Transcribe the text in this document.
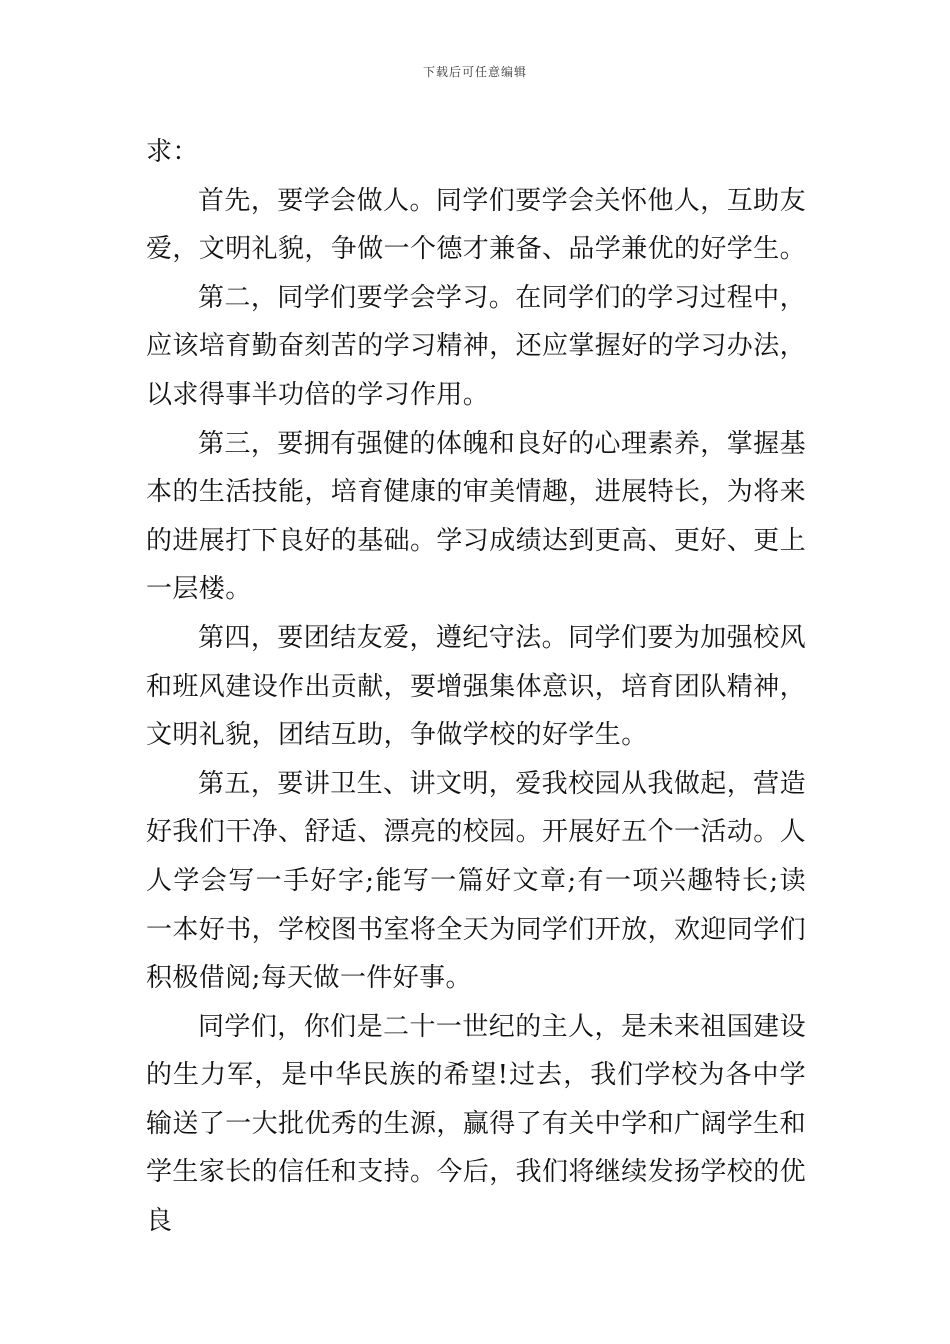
下载后可任意编辑

求：

首先，要学会做人。同学们要学会关怀他人，互助友爱，文明礼貌，争做一个德才兼备、品学兼优的好学生。

第二，同学们要学会学习。在同学们的学习过程中，应该培育勤奋刻苦的学习精神，还应掌握好的学习办法，以求得事半功倍的学习作用。

第三，要拥有强健的体魄和良好的心理素养，掌握基本的生活技能，培育健康的审美情趣，进展特长，为将来的进展打下良好的基础。学习成绩达到更高、更好、更上一层楼。

第四，要团结友爱，遵纪守法。同学们要为加强校风和班风建设作出贡献，要增强集体意识，培育团队精神，文明礼貌，团结互助，争做学校的好学生。

第五，要讲卫生、讲文明，爱我校园从我做起，营造好我们干净、舒适、漂亮的校园。开展好五个一活动。人人学会写一手好字;能写一篇好文章;有一项兴趣特长;读一本好书，学校图书室将全天为同学们开放，欢迎同学们积极借阅;每天做一件好事。

同学们，你们是二十一世纪的主人，是未来祖国建设的生力军，是中华民族的希望!过去，我们学校为各中学输送了一大批优秀的生源，赢得了有关中学和广阔学生和学生家长的信任和支持。今后，我们将继续发扬学校的优良
